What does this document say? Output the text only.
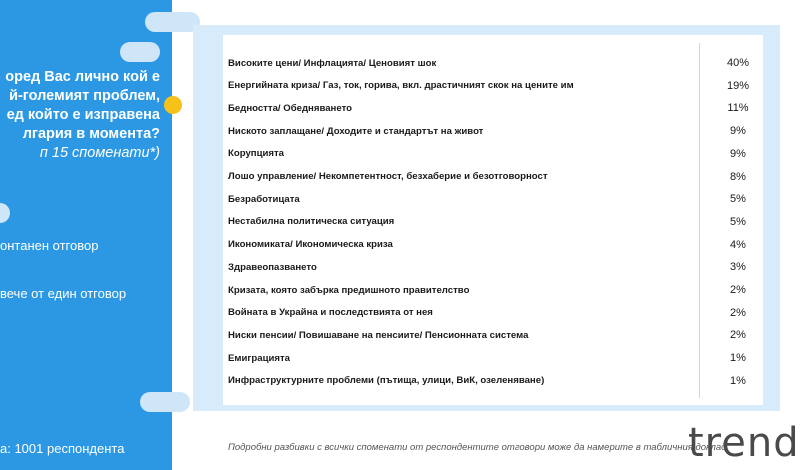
оред Вас лично кой е
й-големият проблем,
ед който е изправена
лгария в момента?
п 15 споменати*)
онтанен отговор
вече от един отговор
а: 1001 респондента
Високите цени/ Инфлацията/ Ценовият шок	40%
Енергийната криза/ Газ, ток, горива, вкл. драстичният скок на цените им	19%
Бедността/ Обедняването	11%
Ниското заплащане/ Доходите и стандартът на живот	9%
Корупцията	9%
Лошо управление/ Некомпетентност, безхаберие и безотговорност	8%
Безработицата	5%
Нестабилна политическа ситуация	5%
Икономиката/ Икономическа криза	4%
Здравеопазването	3%
Кризата, която забърка предишното правителство	2%
Войната в Украйна и последствията от нея	2%
Ниски пенсии/ Повишаване на пенсиите/ Пенсионната система	2%
Емиграцията	1%
Инфраструктурните проблеми (пътища, улици, ВиК, озеленяване)	1%
Подробни разбивки с всички споменати от респондентите отговори може да намерите в табличния доклад
trend
